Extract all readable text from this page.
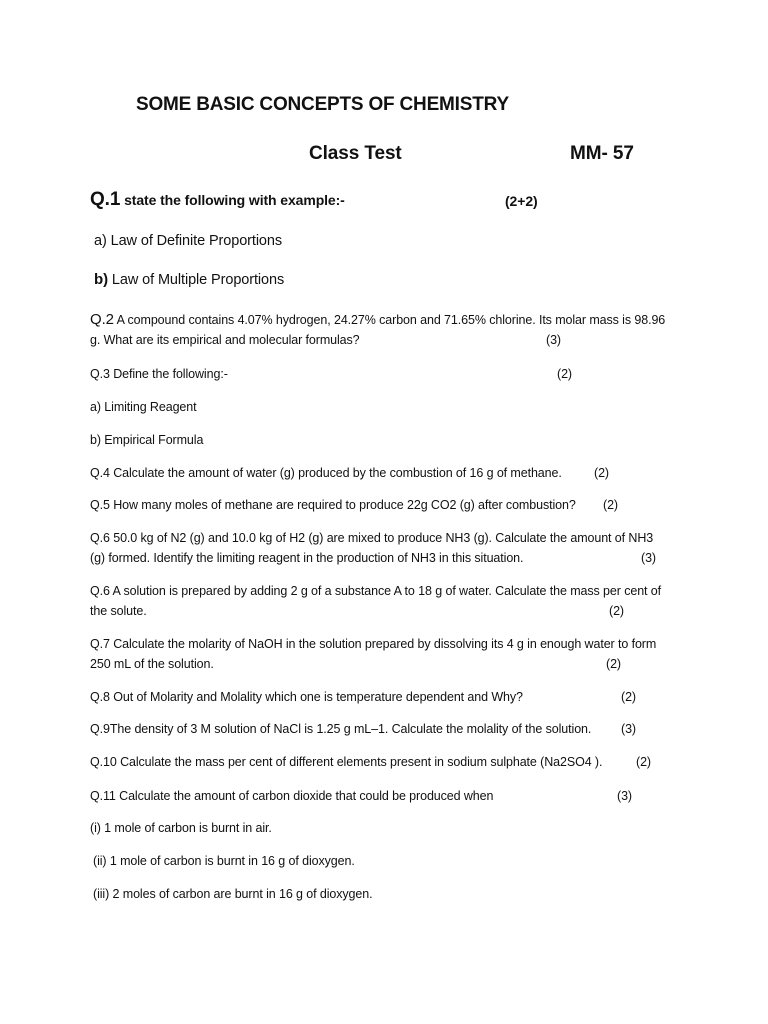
SOME BASIC CONCEPTS OF CHEMISTRY
Class Test	MM- 57
Q.1 state the following with example:-	(2+2)
a) Law of Definite Proportions
b) Law of Multiple Proportions
Q.2 A compound contains 4.07% hydrogen, 24.27% carbon and 71.65% chlorine. Its molar mass is 98.96
g. What are its empirical and molecular formulas?	(3)
Q.3 Define the following:-	(2)
a) Limiting Reagent
b) Empirical Formula
Q.4 Calculate the amount of water (g) produced by the combustion of 16 g of methane.	(2)
Q.5 How many moles of methane are required to produce 22g CO2 (g) after combustion? (2)
Q.6 50.0 kg of N2 (g) and 10.0 kg of H2 (g) are mixed to produce NH3 (g). Calculate the amount of NH3
(g) formed. Identify the limiting reagent in the production of NH3 in this situation.	(3)
Q.6 A solution is prepared by adding 2 g of a substance A to 18 g of water. Calculate the mass per cent of
the solute.	(2)
Q.7 Calculate the molarity of NaOH in the solution prepared by dissolving its 4 g in enough water to form
250 mL of the solution.	(2)
Q.8 Out of Molarity and Molality which one is temperature dependent and Why?	(2)
Q.9The density of 3 M solution of NaCl is 1.25 g mL–1. Calculate the molality of the solution. (3)
Q.10 Calculate the mass per cent of different elements present in sodium sulphate (Na2SO4 ).	(2)
Q.11 Calculate the amount of carbon dioxide that could be produced when	(3)
(i) 1 mole of carbon is burnt in air.
(ii) 1 mole of carbon is burnt in 16 g of dioxygen.
(iii) 2 moles of carbon are burnt in 16 g of dioxygen.
